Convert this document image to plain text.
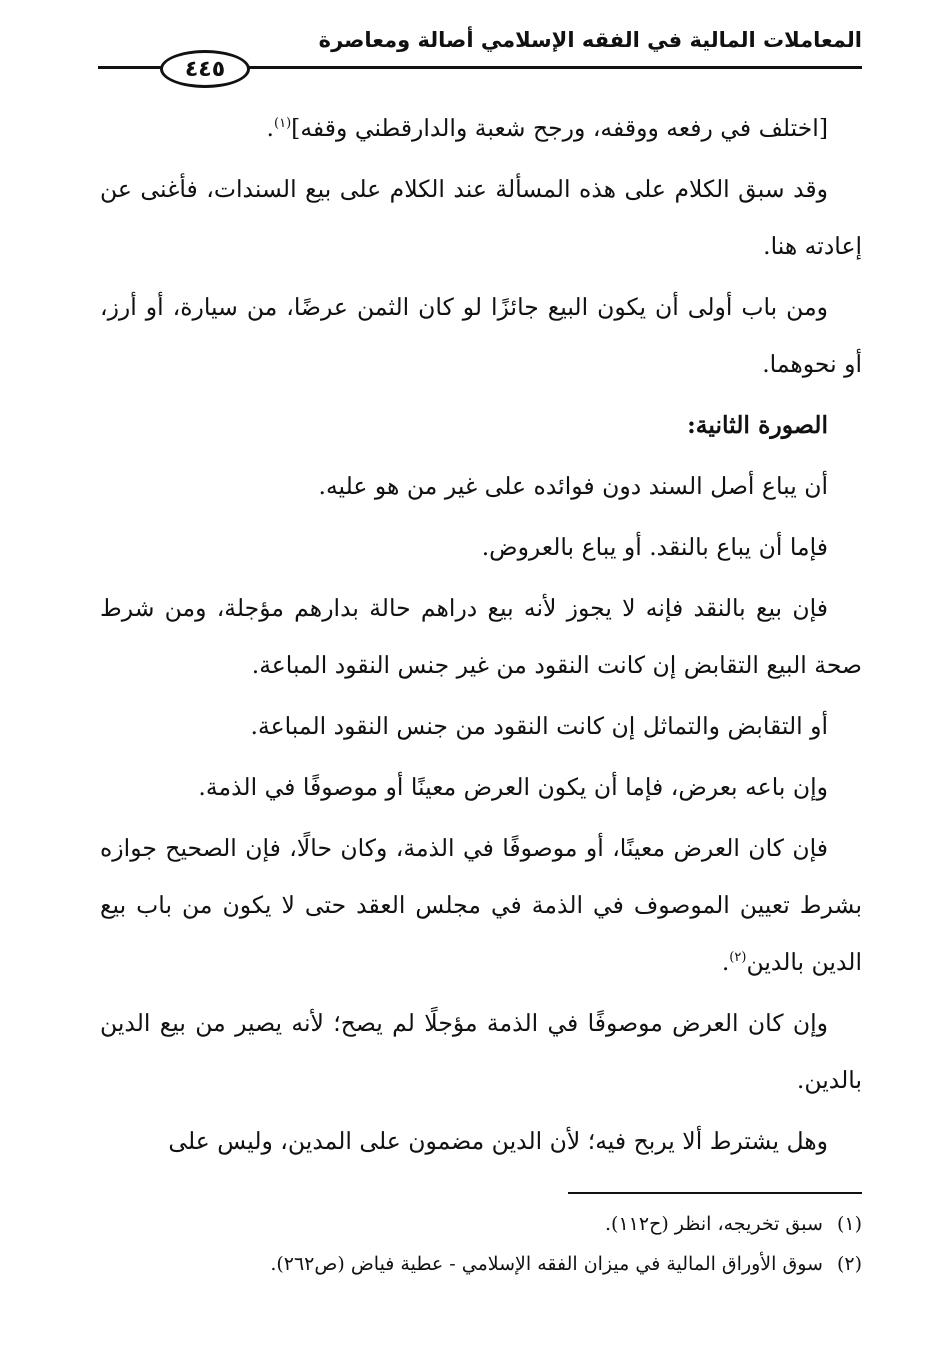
المعاملات المالية في الفقه الإسلامي أصالة ومعاصرة
٤٤٥

[اختلف في رفعه ووقفه، ورجح شعبة والدارقطني وقفه]$^{(١)}$.

وقد سبق الكلام على هذه المسألة عند الكلام على بيع السندات، فأغنى عن إعادته هنا.

ومن باب أولى أن يكون البيع جائزًا لو كان الثمن عرضًا، من سيارة، أو أرز، أو نحوهما.

الصورة الثانية:

أن يباع أصل السند دون فوائده على غير من هو عليه.

فإما أن يباع بالنقد. أو يباع بالعروض.

فإن بيع بالنقد فإنه لا يجوز لأنه بيع دراهم حالة بدارهم مؤجلة، ومن شرط صحة البيع التقابض إن كانت النقود من غير جنس النقود المباعة.

أو التقابض والتماثل إن كانت النقود من جنس النقود المباعة.

وإن باعه بعرض، فإما أن يكون العرض معينًا أو موصوفًا في الذمة.

فإن كان العرض معينًا، أو موصوفًا في الذمة، وكان حالًا، فإن الصحيح جوازه بشرط تعيين الموصوف في الذمة في مجلس العقد حتى لا يكون من باب بيع الدين بالدين$^{(٢)}$.

وإن كان العرض موصوفًا في الذمة مؤجلًا لم يصح؛ لأنه يصير من بيع الدين بالدين.

وهل يشترط ألا يربح فيه؛ لأن الدين مضمون على المدين، وليس على

(١)
سبق تخريجه، انظر (ح١١٢).
(٢)
سوق الأوراق المالية في ميزان الفقه الإسلامي - عطية فياض (ص٢٦٢).
